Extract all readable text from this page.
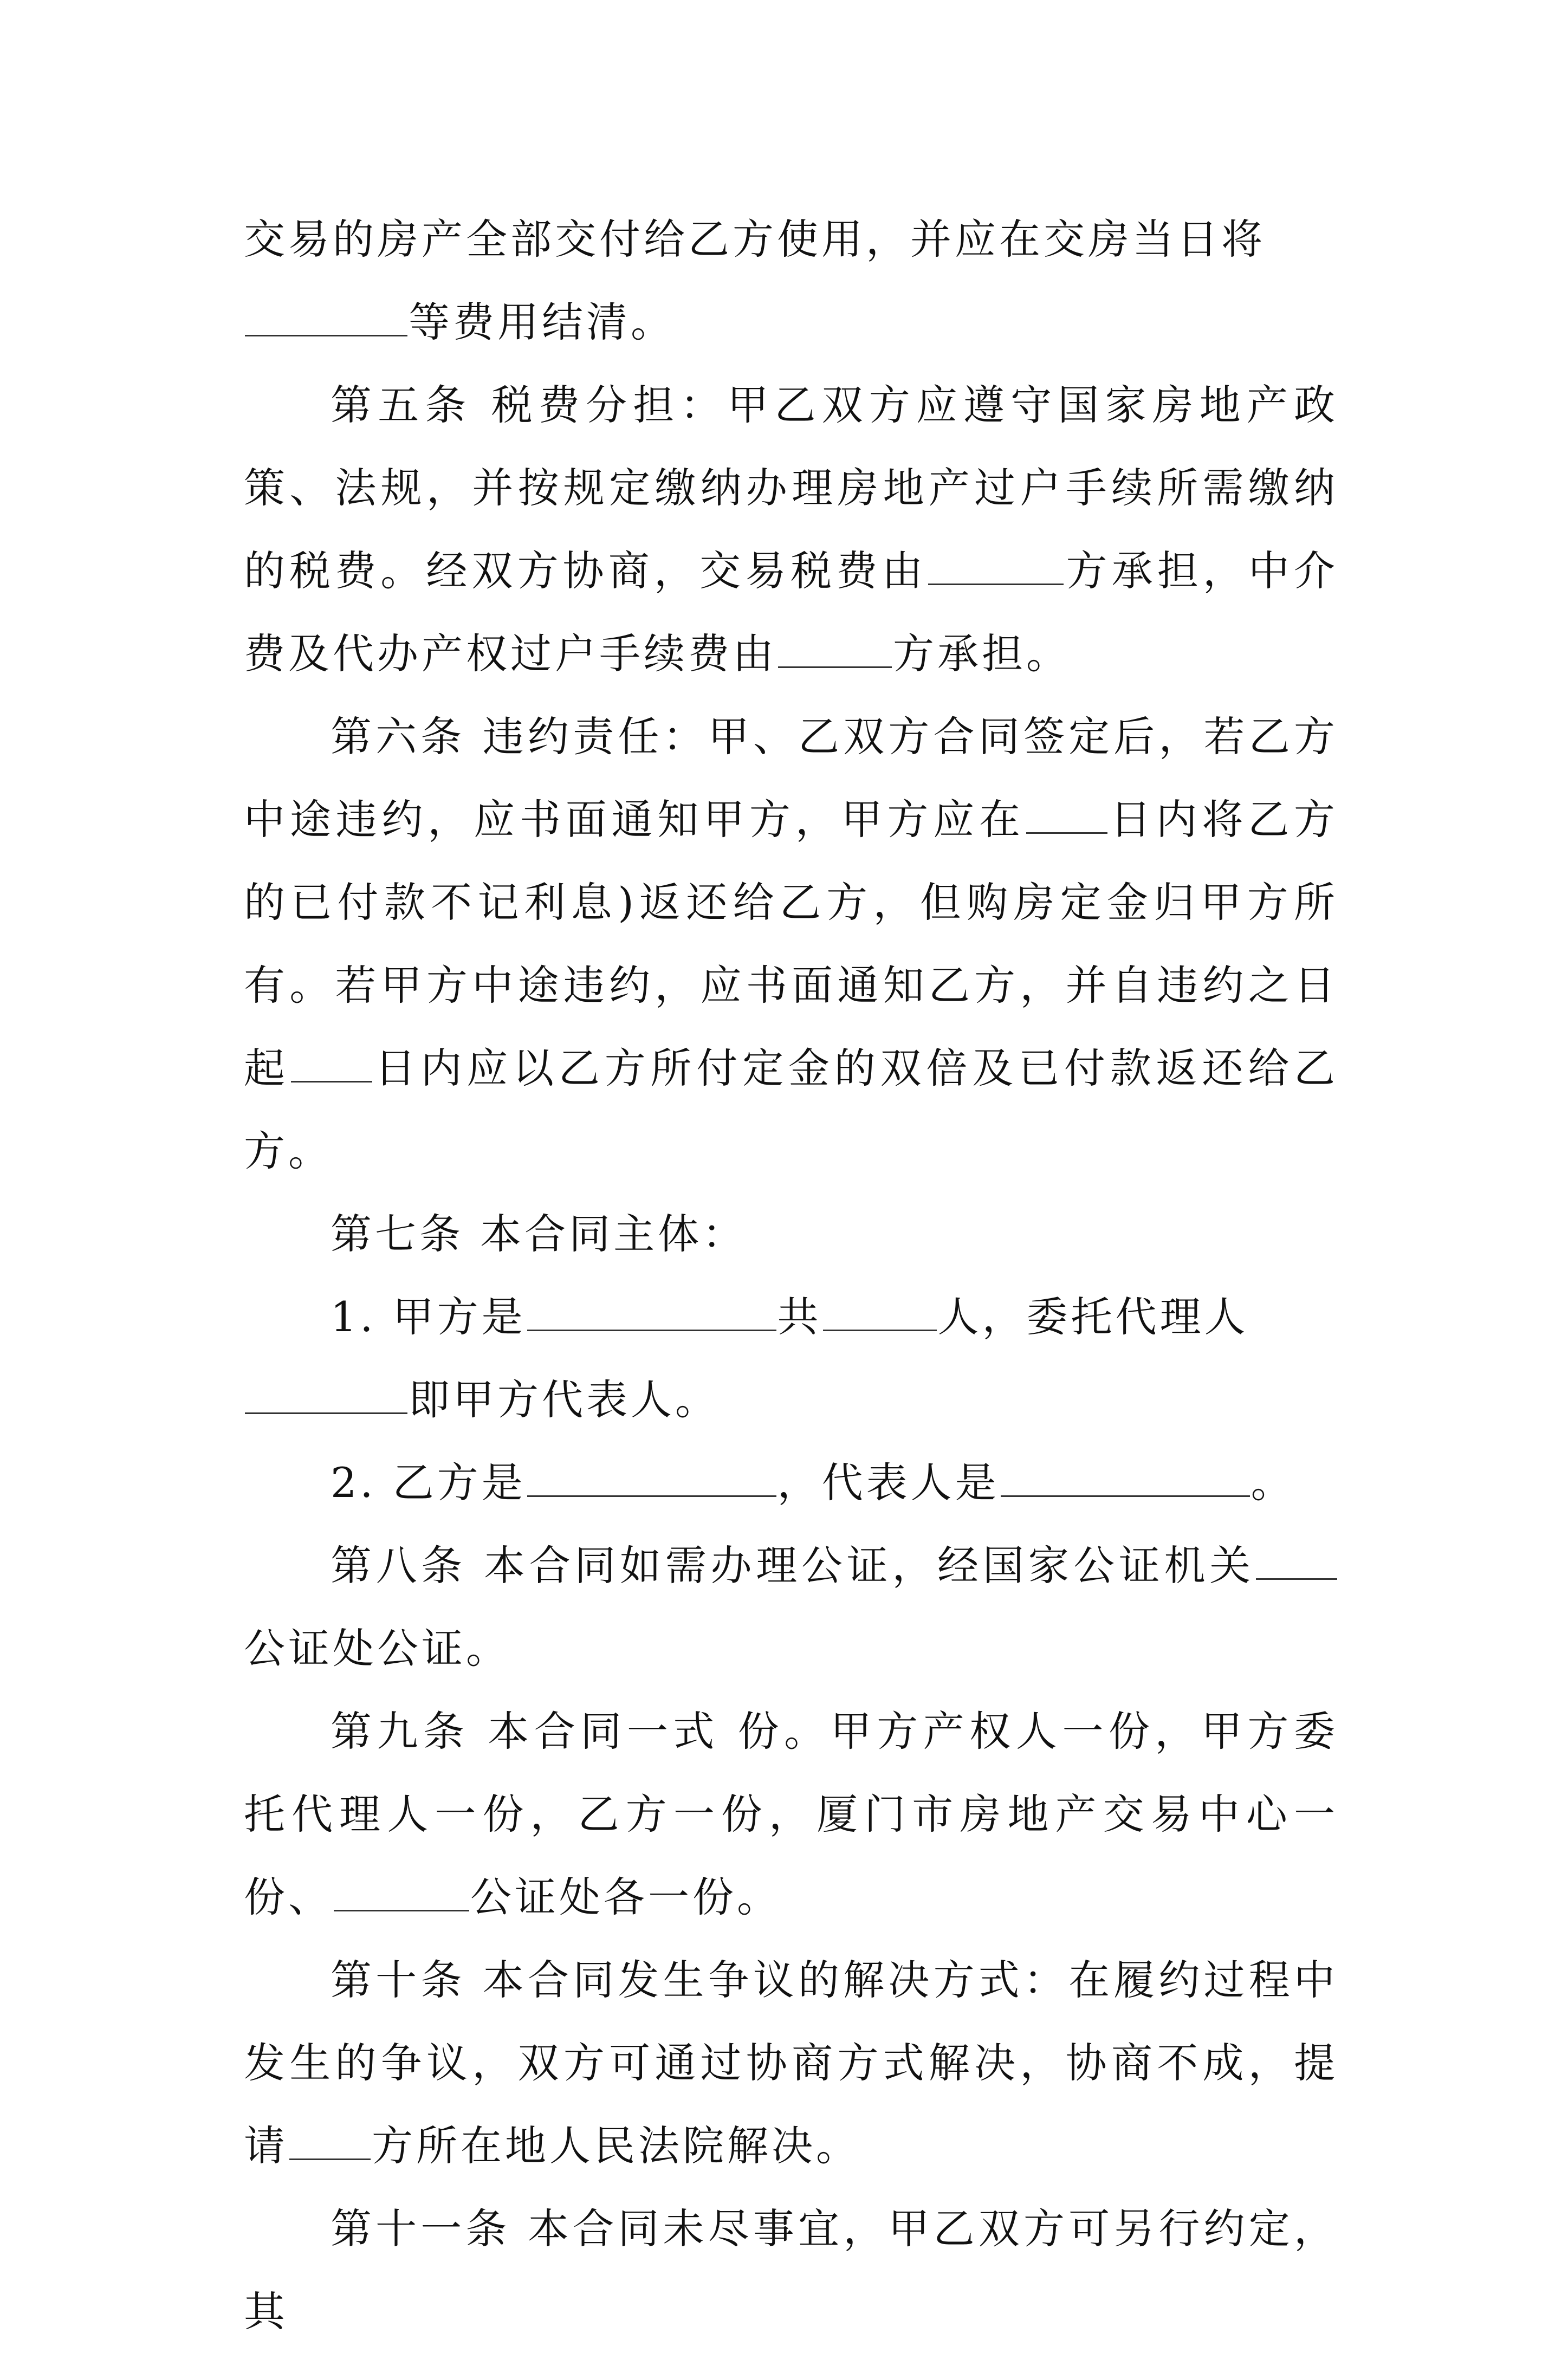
交易的房产全部交付给乙方使用，并应在交房当日将
等费用结清。

第五条 税费分担：甲乙双方应遵守国家房地产政策、法规，并按规定缴纳办理房地产过户手续所需缴纳的税费。经双方协商，交易税费由	方承担，中介费及代办产权过户手续费由	方承担。

第六条 违约责任：甲、乙双方合同签定后，若乙方中途违约，应书面通知甲方，甲方应在 日内将乙方的已付款不记利息)返还给乙方，但购房定金归甲方所有。若甲方中途违约，应书面通知乙方，并自违约之日起 日内应以乙方所付定金的双倍及已付款返还给乙方。

第七条 本合同主体：

1. 甲方是	共	人，委托代理人
即甲方代表人。

2. 乙方是	，代表人是	。

第八条 本合同如需办理公证，经国家公证机关公证处公证。

第九条 本合同一式 份。甲方产权人一份，甲方委托代理人一份，乙方一份，厦门市房地产交易中心一份、	公证处各一份。

第十条 本合同发生争议的解决方式：在履约过程中发生的争议，双方可通过协商方式解决，协商不成，提请 方所在地人民法院解决。

第十一条 本合同未尽事宜，甲乙双方可另行约定，其
